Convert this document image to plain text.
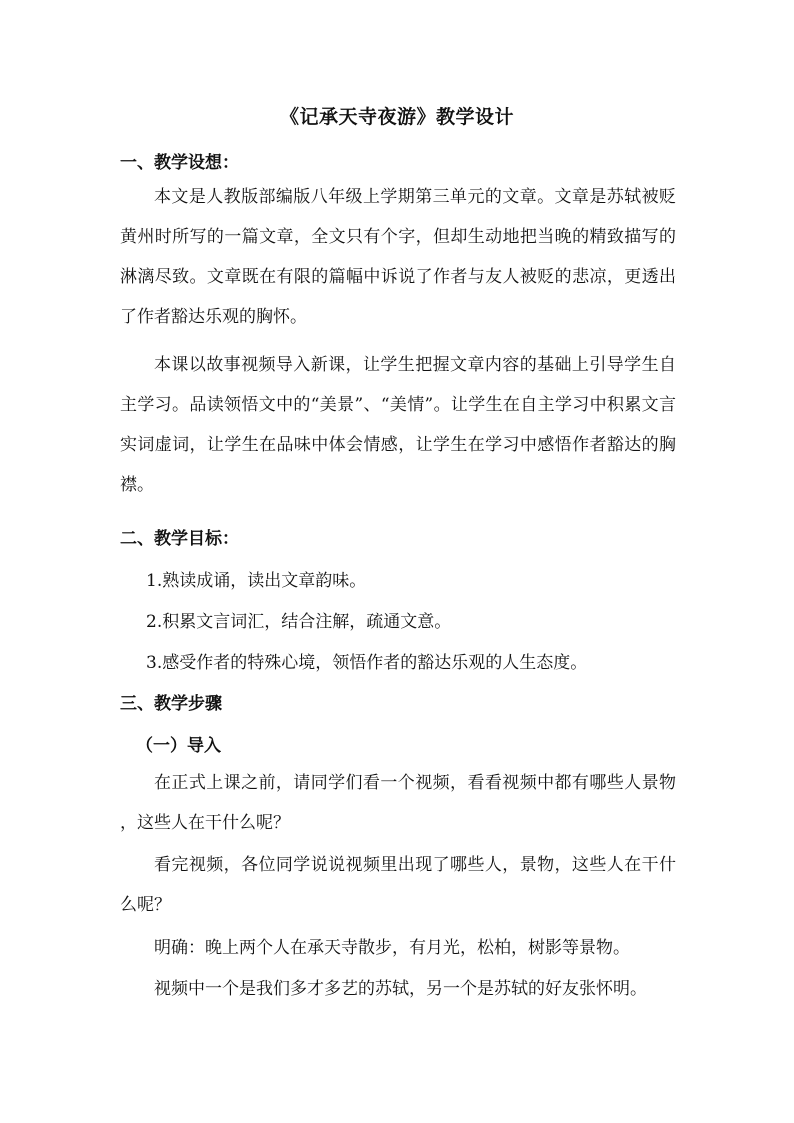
《记承天寺夜游》教学设计
一、教学设想：

本文是人教版部编版八年级上学期第三单元的文章。文章是苏轼被贬黄州时所写的一篇文章，全文只有个字，但却生动地把当晚的精致描写的淋漓尽致。文章既在有限的篇幅中诉说了作者与友人被贬的悲凉，更透出了作者豁达乐观的胸怀。

本课以故事视频导入新课，让学生把握文章内容的基础上引导学生自主学习。品读领悟文中的“美景”、“美情”。让学生在自主学习中积累文言实词虚词，让学生在品味中体会情感，让学生在学习中感悟作者豁达的胸襟。

二、教学目标：

1.熟读成诵，读出文章韵味。

2.积累文言词汇，结合注解，疏通文意。

3.感受作者的特殊心境，领悟作者的豁达乐观的人生态度。

三、教学步骤
（一）导入

在正式上课之前，请同学们看一个视频，看看视频中都有哪些人景物 ，这些人在干什么呢？

看完视频，各位同学说说视频里出现了哪些人，景物，这些人在干什么呢？

明确：晚上两个人在承天寺散步，有月光，松柏，树影等景物。

视频中一个是我们多才多艺的苏轼，另一个是苏轼的好友张怀明。
